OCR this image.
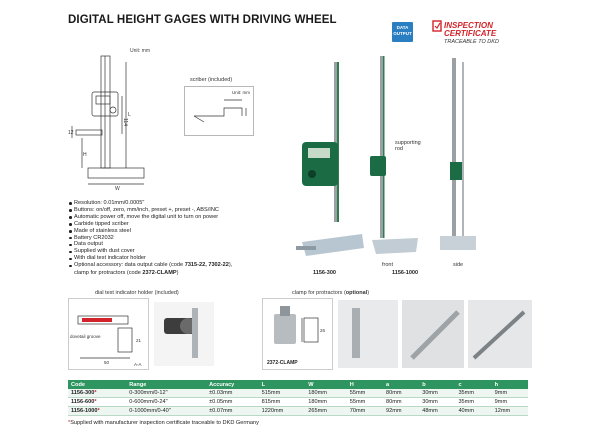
DIGITAL HEIGHT GAGES WITH DRIVING WHEEL
DATA
OUTPUT
INSPECTION CERTIFICATE
TRACEABLE TO DKD
Unit: mm
L
W
H
114
12
scriber (included)
Unit: mm
supporting rod
front	side
1156-300	1156-1000
Resolution: 0.01mm/0.0005"
Buttons: on/off, zero, mm/inch, preset +, preset -, ABS/INC
Automatic power off, move the digital unit to turn on power
Carbide tipped scriber
Made of stainless steel
Battery CR2032
Data output
Supplied with dust cover
With dial test indicator holder
Optional accessory: data output cable (code 7315-22, 7302-22),
clamp for protractors (code 2372-CLAMP)
dial test indicator holder (included)
dovetail groove
50
21
A-A
clamp for protractors (optional)
2372-CLAMP
26
Code	Range	Accuracy	L	W	H	a	b	c	h
1156-300*	0-300mm/0-12"	±0.03mm	515mm	180mm	55mm	80mm	30mm	35mm	9mm
1156-600*	0-600mm/0-24"	±0.05mm	815mm	180mm	55mm	80mm	30mm	35mm	9mm
1156-1000*	0-1000mm/0-40"	±0.07mm	1220mm	265mm	70mm	92mm	48mm	40mm	12mm
*Supplied with manufacturer inspection certificate traceable to DKD Germany
